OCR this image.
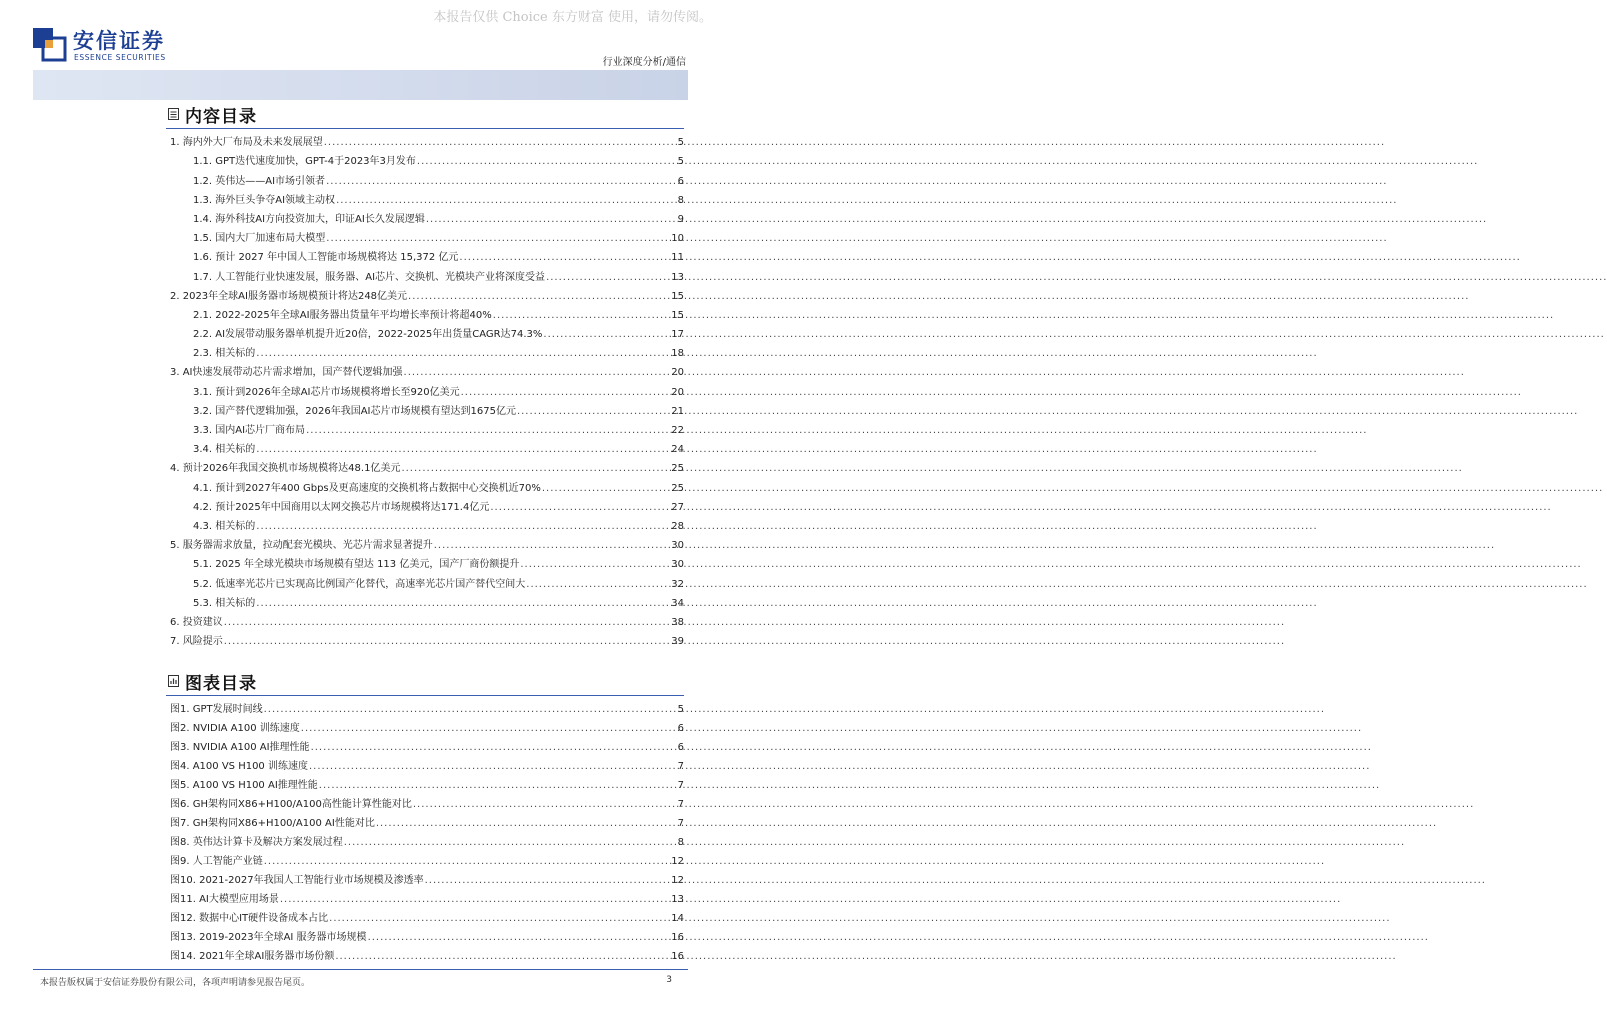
本报告仅供 Choice 东方财富 使用，请勿传阅。
安信证券
ESSENCE SECURITIES	行业深度分析/通信
内容目录
1. 海内外大厂布局及未来发展展望 .....	5
1.1. GPT迭代速度加快，GPT-4于2023年3月发布 .....	5
1.2. 英伟达——AI市场引领者 .....	6
1.3. 海外巨头争夺AI领域主动权 .....	8
1.4. 海外科技AI方向投资加大，印证AI长久发展逻辑 .....	9
1.5. 国内大厂加速布局大模型 .....	10
1.6. 预计 2027 年中国人工智能市场规模将达 15,372 亿元 .....	11
1.7. 人工智能行业快速发展，服务器、AI芯片、交换机、光模块产业将深度受益 .....	13
2. 2023年全球AI服务器市场规模预计将达248亿美元 .....	15
2.1. 2022-2025年全球AI服务器出货量年平均增长率预计将超40% .....	15
2.2. AI发展带动服务器单机提升近20倍，2022-2025年出货量CAGR达74.3% .....	17
2.3. 相关标的 .....	18
3. AI快速发展带动芯片需求增加，国产替代逻辑加强 .....	20
3.1. 预计到2026年全球AI芯片市场规模将增长至920亿美元 .....	20
3.2. 国产替代逻辑加强，2026年我国AI芯片市场规模有望达到1675亿元 .....	21
3.3. 国内AI芯片厂商布局 .....	22
3.4. 相关标的 .....	24
4. 预计2026年我国交换机市场规模将达48.1亿美元 .....	25
4.1. 预计到2027年400 Gbps及更高速度的交换机将占数据中心交换机近70% .....	25
4.2. 预计2025年中国商用以太网交换芯片市场规模将达171.4亿元 .....	27
4.3. 相关标的 .....	28
5. 服务器需求放量，拉动配套光模块、光芯片需求显著提升 .....	30
5.1. 2025 年全球光模块市场规模有望达 113 亿美元，国产厂商份额提升 .....	30
5.2. 低速率光芯片已实现高比例国产化替代，高速率光芯片国产替代空间大 .....	32
5.3. 相关标的 .....	34
6. 投资建议 .....	38
7. 风险提示 .....	39
图表目录
图1. GPT发展时间线 .....	5
图2. NVIDIA A100 训练速度 .....	6
图3. NVIDIA A100 AI推理性能 .....	6
图4. A100 VS H100 训练速度 .....	7
图5. A100 VS H100 AI推理性能 .....	7
图6. GH架构同X86+H100/A100高性能计算性能对比 .....	7
图7. GH架构同X86+H100/A100 AI性能对比 .....	7
图8. 英伟达计算卡及解决方案发展过程 .....	8
图9. 人工智能产业链 .....	12
图10. 2021-2027年我国人工智能行业市场规模及渗透率 .....	12
图11. AI大模型应用场景 .....	13
图12. 数据中心IT硬件设备成本占比 .....	14
图13. 2019-2023年全球AI 服务器市场规模 .....	16
图14. 2021年全球AI服务器市场份额 .....	16
本报告版权属于安信证券股份有限公司，各项声明请参见报告尾页。	3
